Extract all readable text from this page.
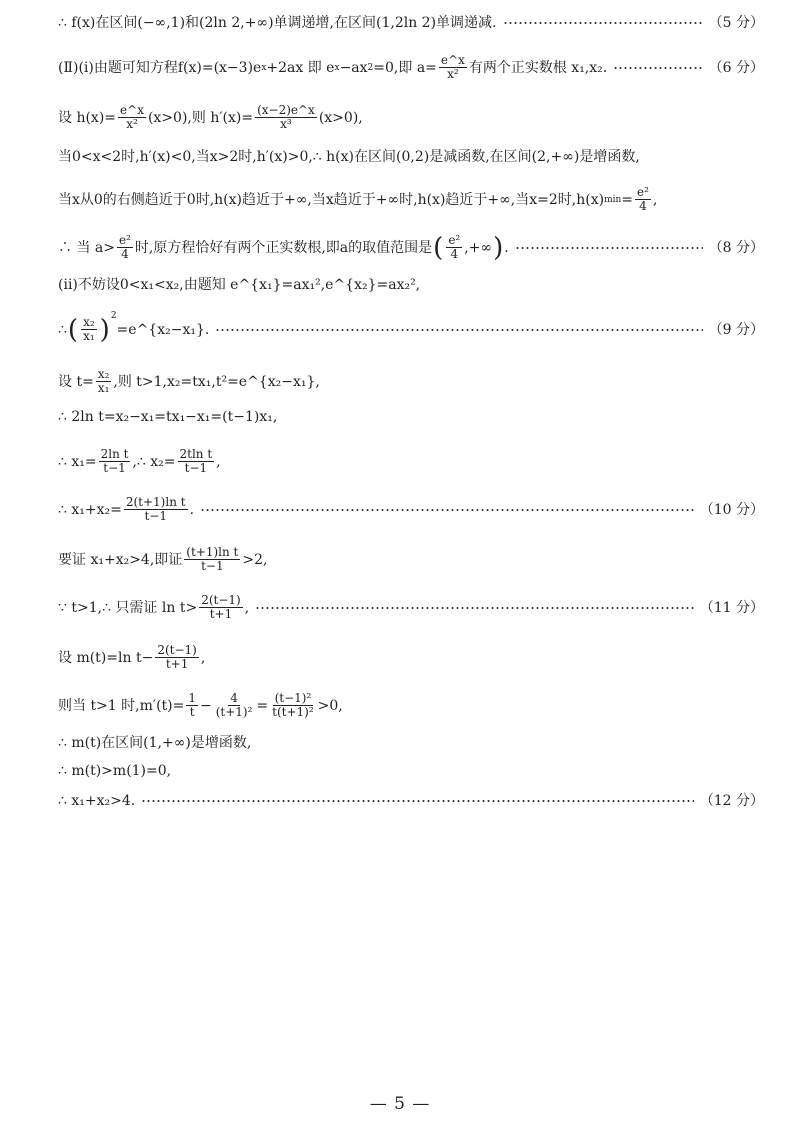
∴ f(x)在区间(−∞,1)和(2ln 2,+∞)单调递增,在区间(1,2ln 2)单调递减.	（5 分）
(Ⅱ)(ⅰ)由题可知方程f(x)=(x−3)e x +2ax 即 e x −ax 2 =0,即 $a= \frac{e\^{}x}{\text{x²}}$ 有两个正实数根 x₁,x₂.	（6 分）
设 $h(x)= \frac{e\^{}x}{\text{x²}} (x>0)$,则 $h'(x)= \frac{(x-2)e\^{}x}{\text{x³}} (x>0)$,
当0<x<2时,h′(x)<0,当x>2时,h′(x)>0,∴ h(x)在区间(0,2)是减函数,在区间(2,+∞)是增函数,
当x从0的右侧趋近于0时,h(x)趋近于+∞,当x趋近于+∞时,h(x)趋近于+∞,当x=2时,h(x) $\min = \frac{\text{e²}}{4}$ ,
∴ 当 $a> \frac{\text{e²}}{4}$ 时,原方程恰好有两个正实数根,即a的取值范围是 ( $\frac{\text{e²}}{4}$ ,+∞ ) .	（8 分）
(ⅱ)不妨设0<x₁<x₂,由题知 e^{x₁}=ax₁²,e^{x₂}=ax₂²,
∴ ( $\frac{\text{x₂}}{\text{x₁}}$ ) 2
=e^{x₂−x₁}.	（9 分）
设 $t= \frac{\text{x₂}}{\text{x₁}}$ ,则 t>1,x₂=tx₁,t²=e^{x₂−x₁},
∴ 2ln t=x₂−x₁=tx₁−x₁=(t−1)x₁,
∴ $x_1= \frac{\text{2ln t}}{t-1}$ ,∴ $x_2= \frac{\text{2tln t}}{t-1}$ ,
∴ $x_1+x_2= \frac{\text{2(t+1)ln t}}{t-1}$ .	（10 分）
要证 x₁+x₂>4,即证 $\frac{\text{(t+1)ln t}}{t-1} >2$,
∵ t>1,∴ 只需证 $\ln t> \frac{2(t-1)}{t+1}$ ,	（11 分）
设 m(t)=ln $t- \frac{2(t-1)}{t+1}$ ,
则当 t>1 时$,m'(t)= \frac{1}{t} - \frac{4}{\text{(t+1)²}} = \frac{\text{(t−1)²}}{\text{t(t+1)²}} >0$,
∴ m(t)在区间(1,+∞)是增函数,
∴ m(t)>m(1)=0,
∴ x₁+x₂>4.	（12 分）
— 5 —
